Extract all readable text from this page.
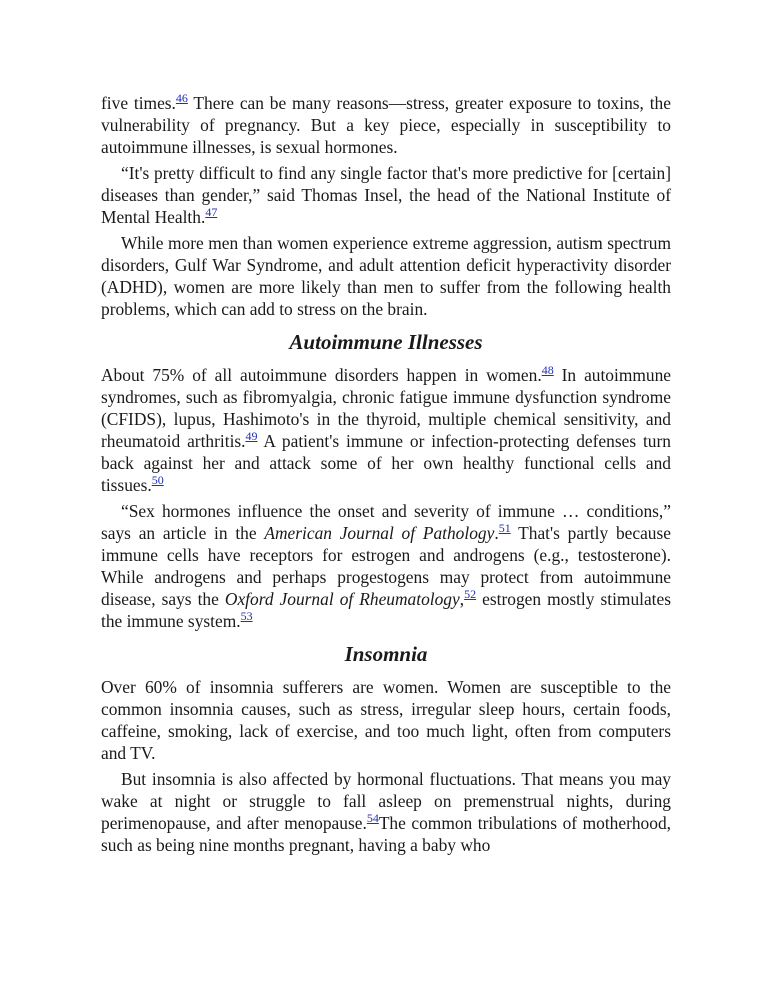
five times.$^{46}$ There can be many reasons—stress, greater exposure to toxins, the vulnerability of pregnancy. But a key piece, especially in susceptibility to autoimmune illnesses, is sexual hormones.

“It's pretty difficult to find any single factor that's more predictive for [certain] diseases than gender,” said Thomas Insel, the head of the National Institute of Mental Health.$^{47}$

While more men than women experience extreme aggression, autism spectrum disorders, Gulf War Syndrome, and adult attention deficit hyperactivity disorder (ADHD), women are more likely than men to suffer from the following health problems, which can add to stress on the brain.

Autoimmune Illnesses

About 75% of all autoimmune disorders happen in women.$^{48}$ In autoimmune syndromes, such as fibromyalgia, chronic fatigue immune dysfunction syndrome (CFIDS), lupus, Hashimoto's in the thyroid, multiple chemical sensitivity, and rheumatoid arthritis.$^{49}$ A patient's immune or infection-protecting defenses turn back against her and attack some of her own healthy functional cells and tissues.$^{50}$

“Sex hormones influence the onset and severity of immune … conditions,” says an article in the American Journal of Pathology.$^{51}$ That's partly because immune cells have receptors for estrogen and androgens (e.g., testosterone). While androgens and perhaps progestogens may protect from autoimmune disease, says the Oxford Journal of Rheumatology,$^{52}$ estrogen mostly stimulates the immune system.$^{53}$

Insomnia

Over 60% of insomnia sufferers are women. Women are susceptible to the common insomnia causes, such as stress, irregular sleep hours, certain foods, caffeine, smoking, lack of exercise, and too much light, often from computers and TV.

But insomnia is also affected by hormonal fluctuations. That means you may wake at night or struggle to fall asleep on premenstrual nights, during perimenopause, and after menopause.$^{54}$The common tribulations of motherhood, such as being nine months pregnant, having a baby who
